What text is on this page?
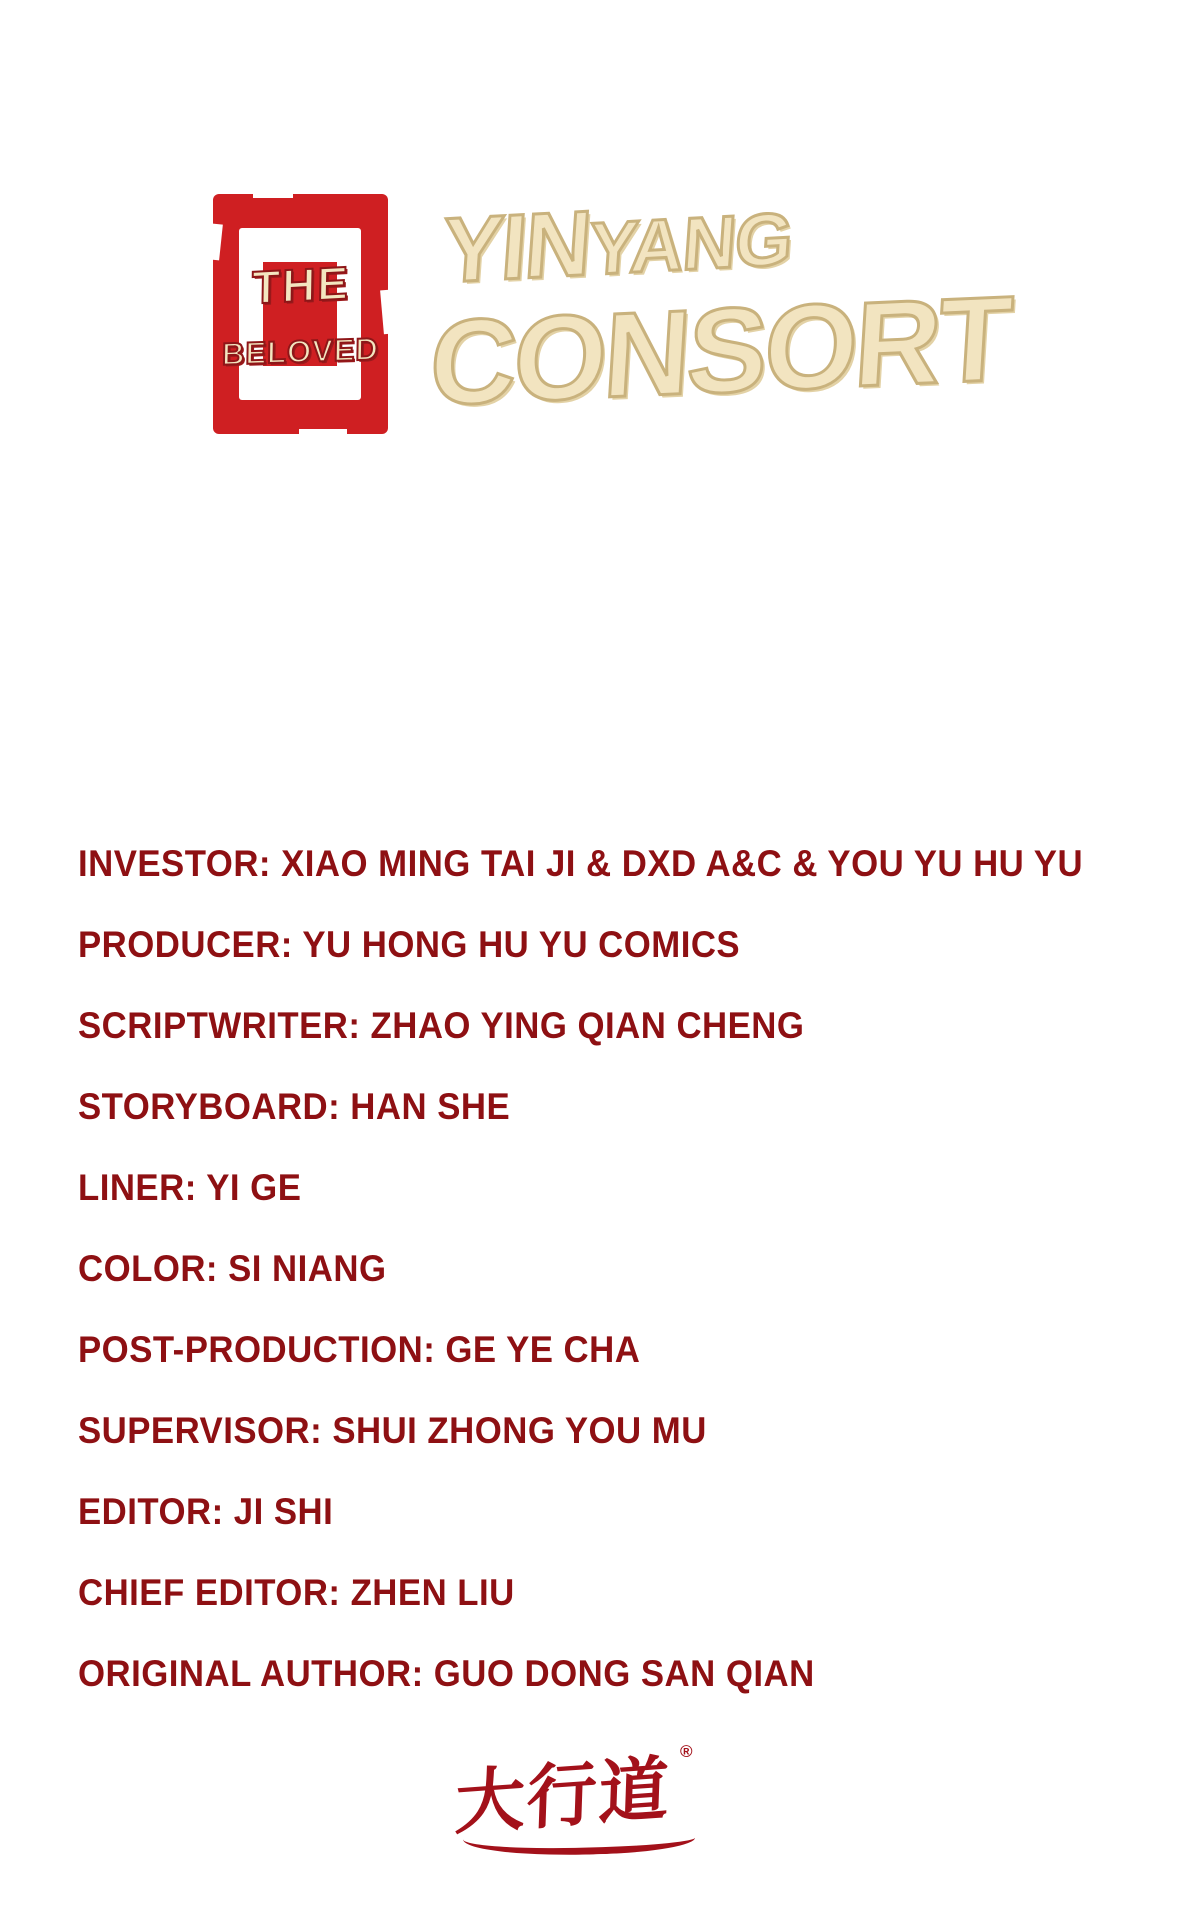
THE
BELOVED
YINYANG
CONSORT

INVESTOR: XIAO MING TAI JI & DXD A&C & YOU YU HU YU

PRODUCER: YU HONG HU YU COMICS

SCRIPTWRITER: ZHAO YING QIAN CHENG

STORYBOARD: HAN SHE

LINER: YI GE

COLOR: SI NIANG

POST-PRODUCTION: GE YE CHA

SUPERVISOR: SHUI ZHONG YOU MU

EDITOR: JI SHI

CHIEF EDITOR: ZHEN LIU

ORIGINAL AUTHOR: GUO DONG SAN QIAN

大行道 ®
